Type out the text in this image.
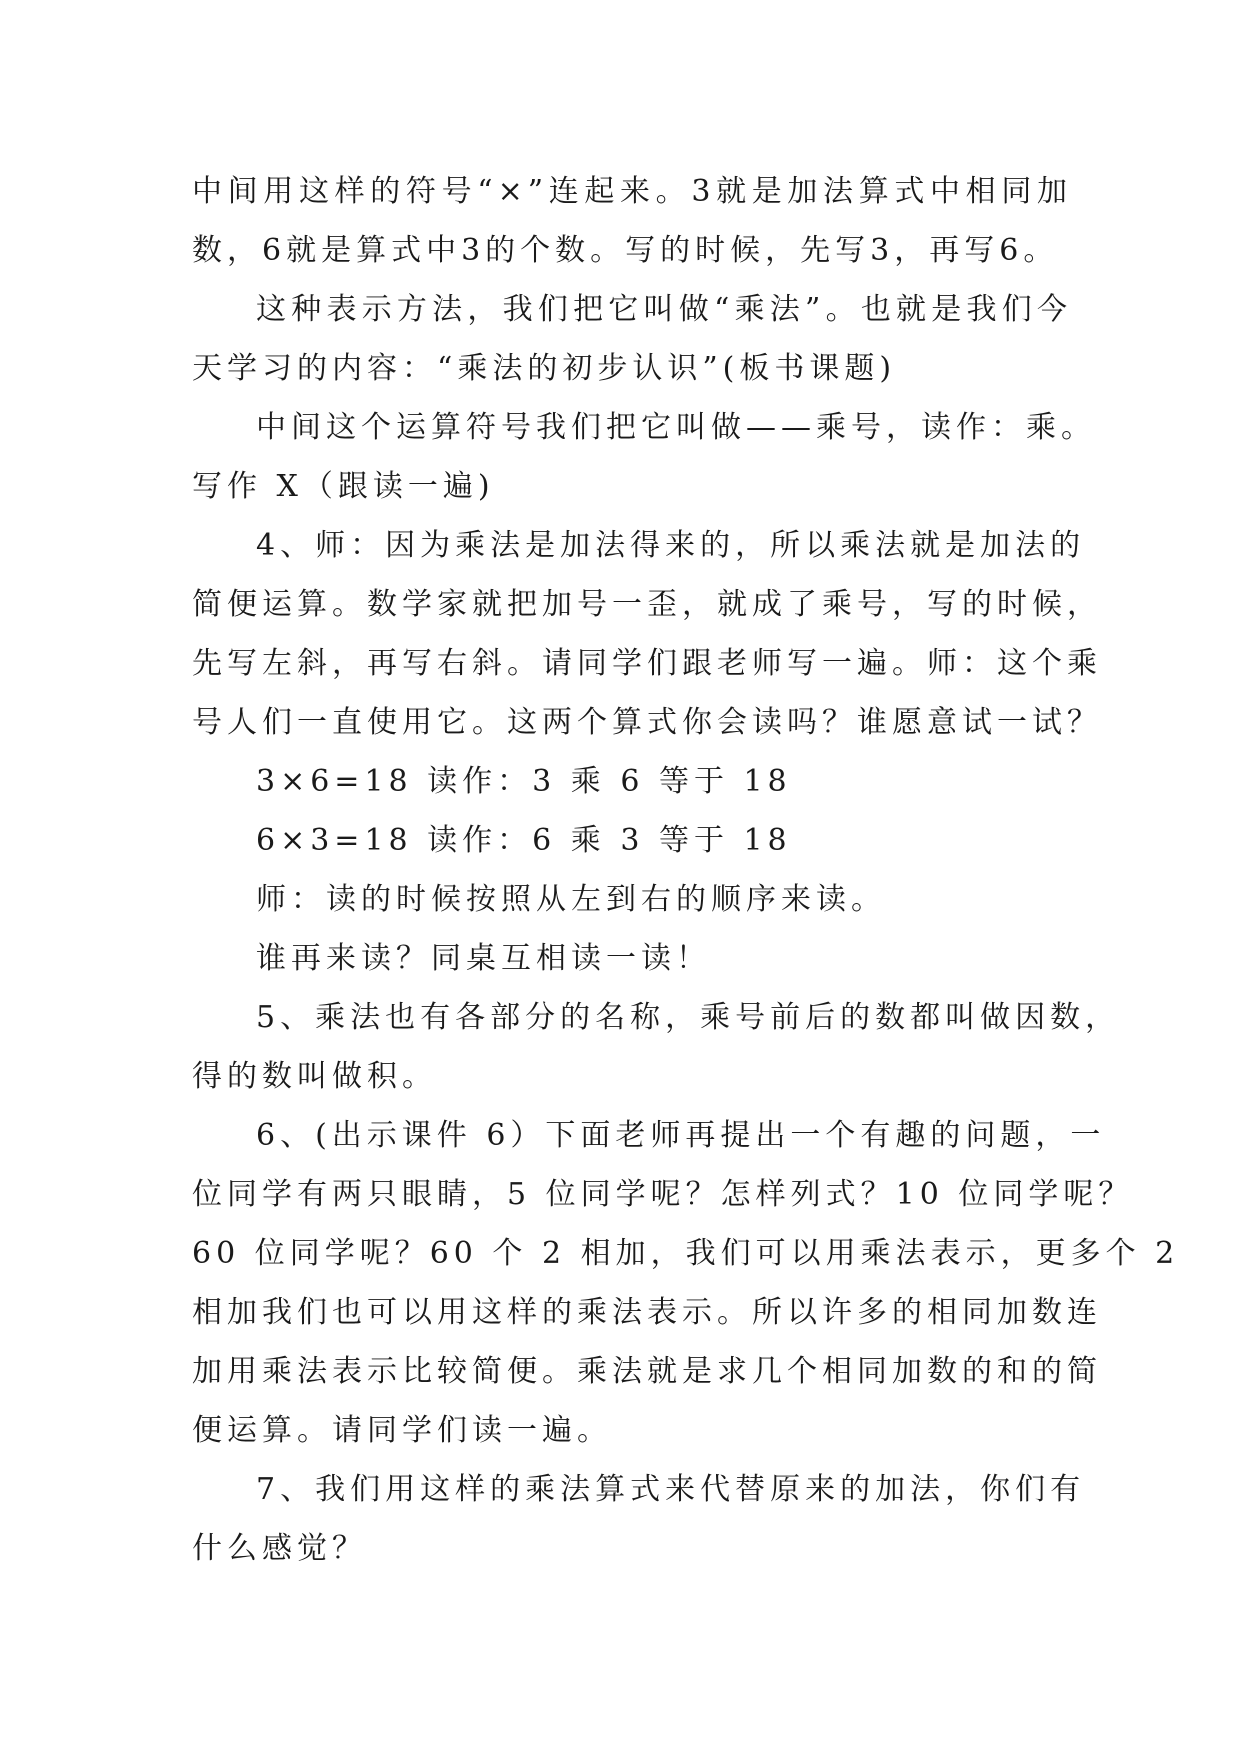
中间用这样的符号“×”连起来。3就是加法算式中相同加
数，6就是算式中3的个数。写的时候，先写3，再写6。
这种表示方法，我们把它叫做“乘法”。也就是我们今
天学习的内容：“乘法的初步认识”(板书课题)
中间这个运算符号我们把它叫做——乘号，读作：乘。
写作 X（跟读一遍)
4、师：因为乘法是加法得来的，所以乘法就是加法的
简便运算。数学家就把加号一歪，就成了乘号，写的时候，
先写左斜，再写右斜。请同学们跟老师写一遍。师：这个乘
号人们一直使用它。这两个算式你会读吗？谁愿意试一试？
3×6=18 读作：3 乘 6 等于 18
6×3=18 读作：6 乘 3 等于 18
师：读的时候按照从左到右的顺序来读。
谁再来读？同桌互相读一读！
5、乘法也有各部分的名称，乘号前后的数都叫做因数，
得的数叫做积。
6、(出示课件 6）下面老师再提出一个有趣的问题，一
位同学有两只眼睛，5 位同学呢？怎样列式？10 位同学呢？
60 位同学呢？60 个 2 相加，我们可以用乘法表示，更多个 2
相加我们也可以用这样的乘法表示。所以许多的相同加数连
加用乘法表示比较简便。乘法就是求几个相同加数的和的简
便运算。请同学们读一遍。
7、我们用这样的乘法算式来代替原来的加法，你们有
什么感觉？
